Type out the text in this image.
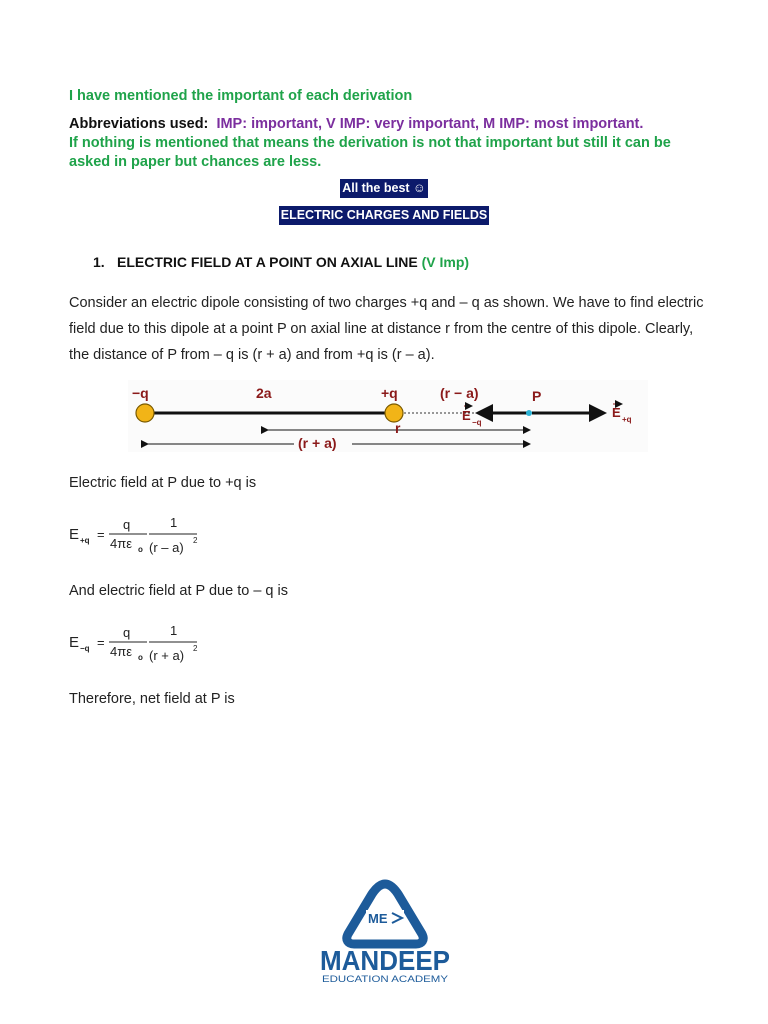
I have mentioned the important of each derivation
Abbreviations used: IMP: important, V IMP: very important, M IMP: most important.
If nothing is mentioned that means the derivation is not that important but still it can be asked in paper but chances are less.
All the best ☺
ELECTRIC CHARGES AND FIELDS
1. ELECTRIC FIELD AT A POINT ON AXIAL LINE (V Imp)
Consider an electric dipole consisting of two charges +q and – q as shown. We have to find electric field due to this dipole at a point P on axial line at distance r from the centre of this dipole. Clearly, the distance of P from – q is (r + a) and from +q is (r – a).
−q	2a	+q	(r − a)	P
E −q
E +q
r
(r + a)
Electric field at P due to +q is
E +q =
q
4πε o
1
(r – a) 2
And electric field at P due to – q is
E −q =
q
4πε o
1
(r + a) 2
Therefore, net field at P is
ME
MANDEEP
EDUCATION ACADEMY
